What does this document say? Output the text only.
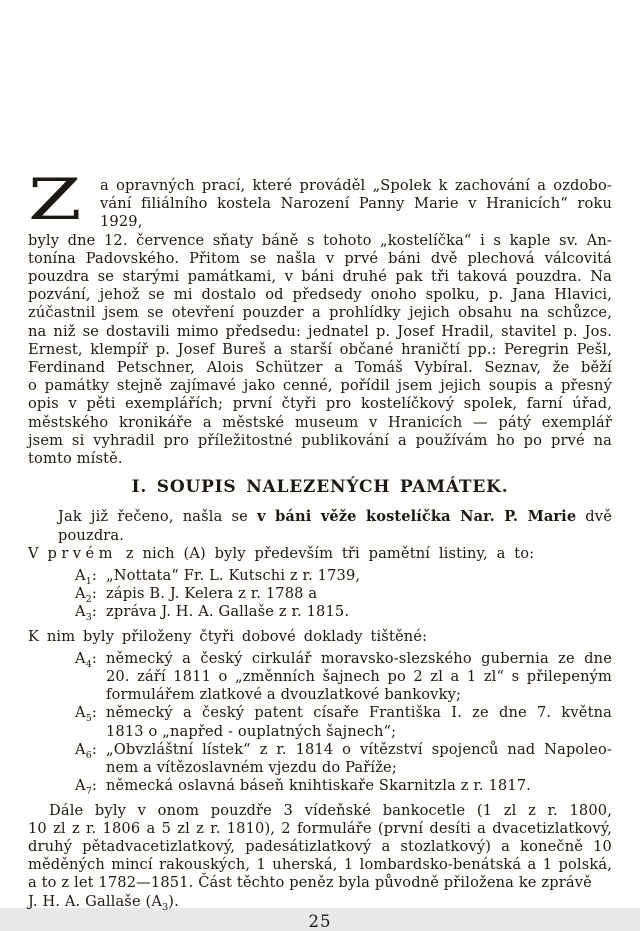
Z	a opravných prací, které prováděl „Spolek k zachování a ozdobo-
vání filiálního kostela Narození Panny Marie v Hranicích“ roku 1929,
byly dne 12. července sňaty báně s tohoto „kostelíčka“ i s kaple sv. An-
tonína Padovského. Přitom se našla v prvé báni dvě plechová válcovitá
pouzdra se starými památkami, v báni druhé pak tři taková pouzdra. Na
pozvání, jehož se mi dostalo od předsedy onoho spolku, p. Jana Hlavici,
zúčastnil jsem se otevření pouzder a prohlídky jejich obsahu na schůzce,
na niž se dostavili mimo předsedu: jednatel p. Josef Hradil, stavitel p. Jos.
Ernest, klempíř p. Josef Bureš a starší občané hraničtí pp.: Peregrin Pešl,
Ferdinand Petschner, Alois Schützer a Tomáš Vybíral. Seznav, že běží
o památky stejně zajímavé jako cenné, pořídil jsem jejich soupis a přesný
opis v pěti exemplářích; první čtyři pro kostelíčkový spolek, farní úřad,
městského kronikáře a městské museum v Hranicích — pátý exemplář
jsem si vyhradil pro příležitostné publikování a používám ho po prvé na
tomto místě.
I. SOUPIS NALEZENÝCH PAMÁTEK.
Jak již řečeno, našla se v báni věže kostelíčka Nar. P. Marie dvě pouzdra.
V prvém z nich (A) byly především tři pamětní listiny, a to:
$A_1$: „Nottata“ Fr. L. Kutschi z r. 1739,
$A_2$: zápis B. J. Kelera z r. 1788 a
$A_3$: zpráva J. H. A. Gallaše z r. 1815.
K nim byly přiloženy čtyři dobové doklady tištěné:
$A_4$: německý a český cirkulář moravsko-slezského gubernia ze dne
20. září 1811 o „změnních šajnech po 2 zl a 1 zl“ s přilepeným
formulářem zlatkové a dvouzlatkové bankovky;
$A_5$: německý a český patent císaře Františka I. ze dne 7. května
1813 o „napřed - ouplatných šajnech“;
$A_6$: „Obvzláštní lístek“ z r. 1814 o vítězství spojenců nad Napoleo-
nem a vítězoslavném vjezdu do Paříže;
$A_7$: německá oslavná báseň knihtiskaře Skarnitzla z r. 1817.
Dále byly v onom pouzdře 3 vídeňské bankocetle (1 zl z r. 1800,
10 zl z r. 1806 a 5 zl z r. 1810), 2 formuláře (první desíti a dvacetizlatkový,
druhý pětadvacetizlatkový, padesátizlatkový a stozlatkový) a konečně 10
měděných mincí rakouských, 1 uherská, 1 lombardsko-benátská a 1 polská,
a to z let 1782—1851. Část těchto peněz byla původně přiložena ke zprávě
J. H. A. Gallaše $(A_3)$.
25
